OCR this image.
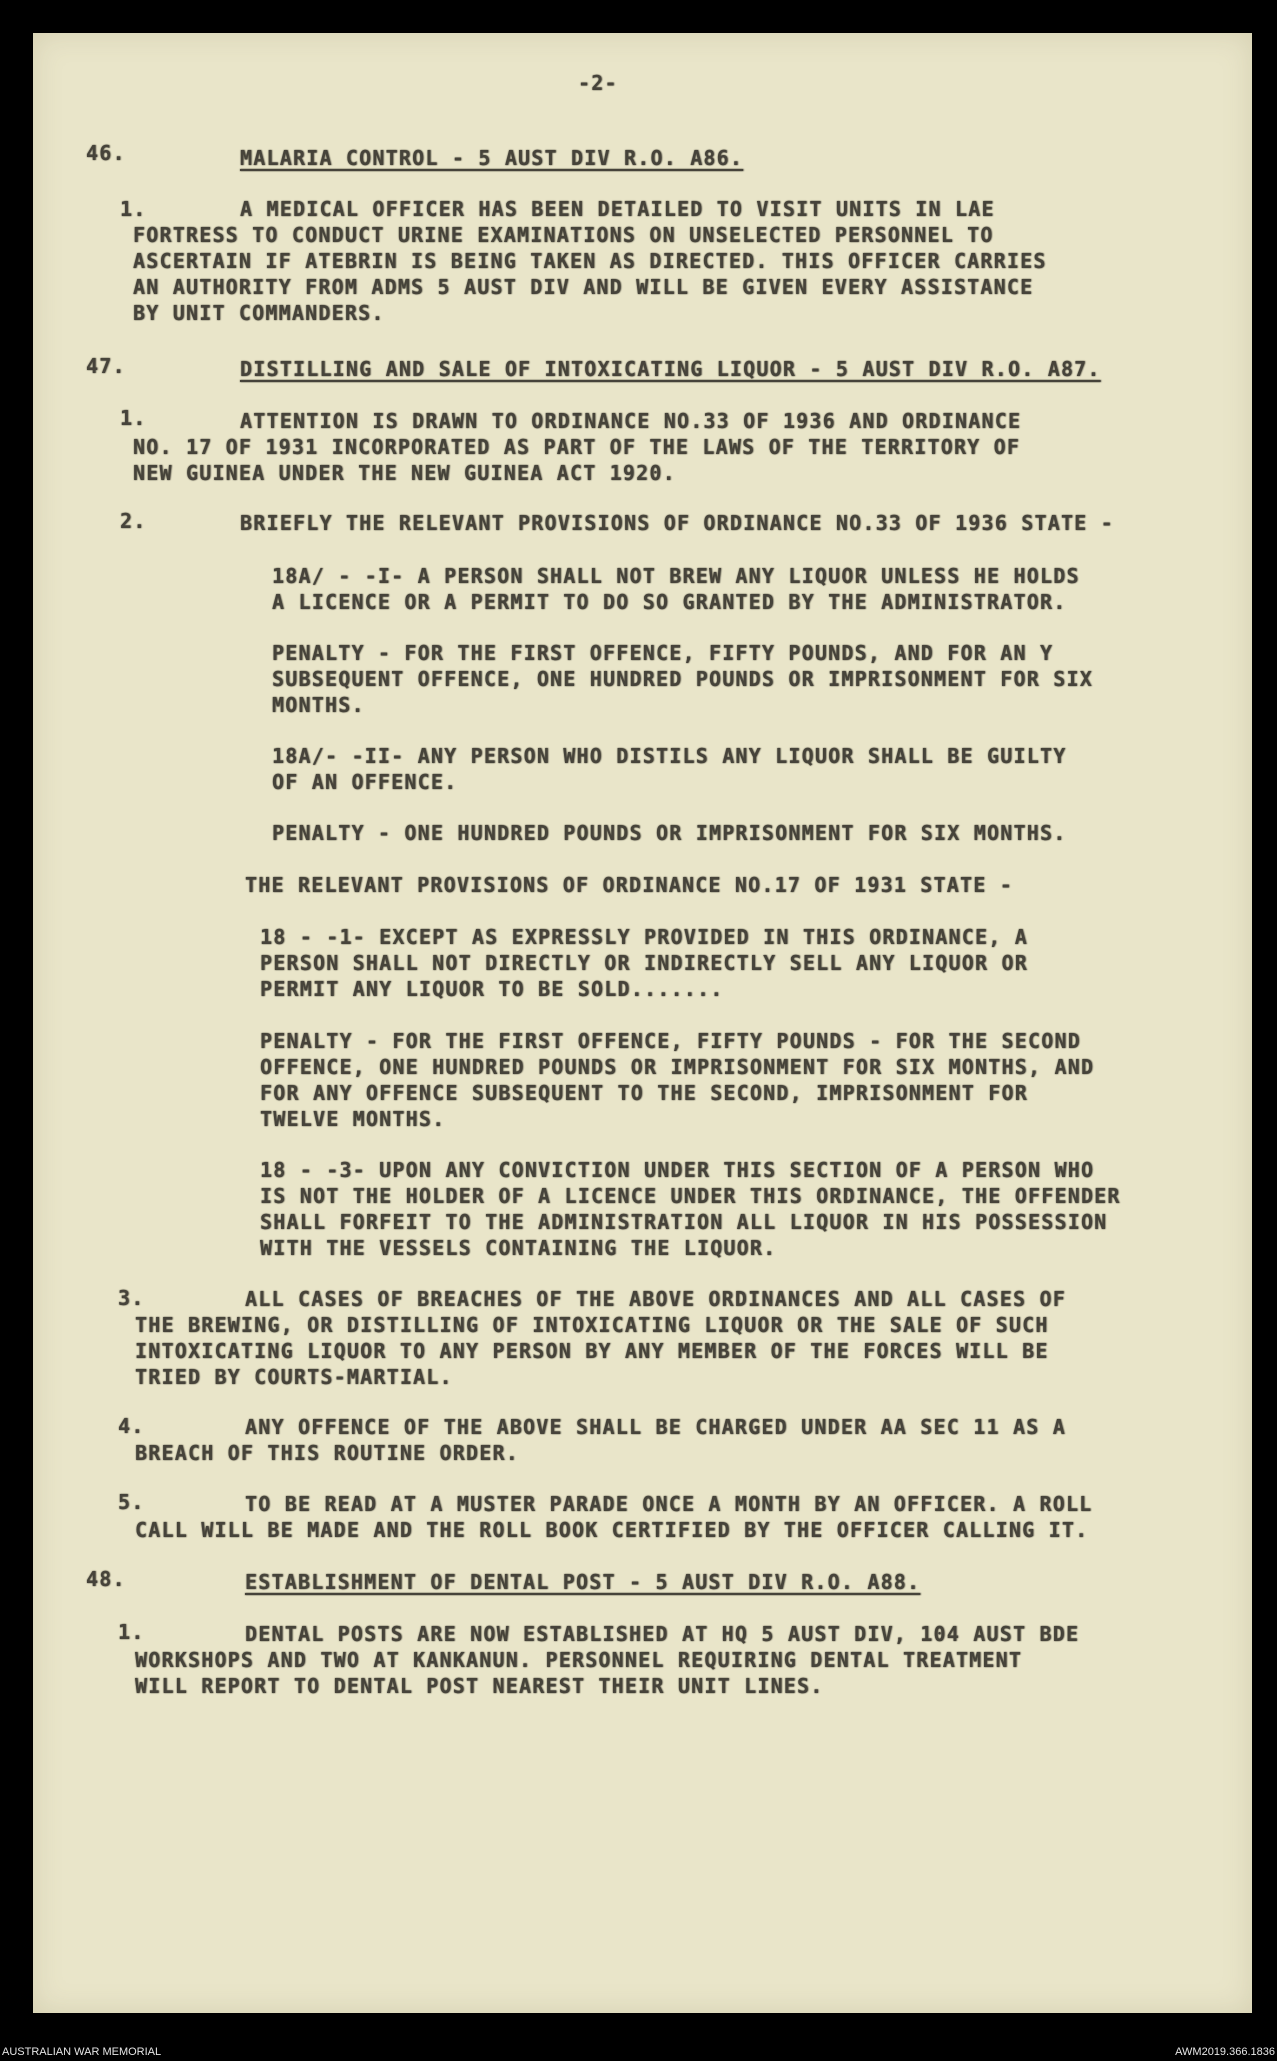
-2-
46.	MALARIA CONTROL - 5 AUST DIV R.O. A86.
1.	A MEDICAL OFFICER HAS BEEN DETAILED TO VISIT UNITS IN LAE
FORTRESS TO CONDUCT URINE EXAMINATIONS ON UNSELECTED PERSONNEL TO
ASCERTAIN IF ATEBRIN IS BEING TAKEN AS DIRECTED. THIS OFFICER CARRIES
AN AUTHORITY FROM ADMS 5 AUST DIV AND WILL BE GIVEN EVERY ASSISTANCE
BY UNIT COMMANDERS.
47.	DISTILLING AND SALE OF INTOXICATING LIQUOR - 5 AUST DIV R.O. A87.
1.	ATTENTION IS DRAWN TO ORDINANCE NO.33 OF 1936 AND ORDINANCE
NO. 17 OF 1931 INCORPORATED AS PART OF THE LAWS OF THE TERRITORY OF
NEW GUINEA UNDER THE NEW GUINEA ACT 1920.
2.	BRIEFLY THE RELEVANT PROVISIONS OF ORDINANCE NO.33 OF 1936 STATE -
18A/ - -I- A PERSON SHALL NOT BREW ANY LIQUOR UNLESS HE HOLDS
A LICENCE OR A PERMIT TO DO SO GRANTED BY THE ADMINISTRATOR.
PENALTY - FOR THE FIRST OFFENCE, FIFTY POUNDS, AND FOR AN Y
SUBSEQUENT OFFENCE, ONE HUNDRED POUNDS OR IMPRISONMENT FOR SIX
MONTHS.
18A/- -II- ANY PERSON WHO DISTILS ANY LIQUOR SHALL BE GUILTY
OF AN OFFENCE.
PENALTY - ONE HUNDRED POUNDS OR IMPRISONMENT FOR SIX MONTHS.
THE RELEVANT PROVISIONS OF ORDINANCE NO.17 OF 1931 STATE -
18 - -1- EXCEPT AS EXPRESSLY PROVIDED IN THIS ORDINANCE, A
PERSON SHALL NOT DIRECTLY OR INDIRECTLY SELL ANY LIQUOR OR
PERMIT ANY LIQUOR TO BE SOLD.......
PENALTY - FOR THE FIRST OFFENCE, FIFTY POUNDS - FOR THE SECOND
OFFENCE, ONE HUNDRED POUNDS OR IMPRISONMENT FOR SIX MONTHS, AND
FOR ANY OFFENCE SUBSEQUENT TO THE SECOND, IMPRISONMENT FOR
TWELVE MONTHS.
18 - -3- UPON ANY CONVICTION UNDER THIS SECTION OF A PERSON WHO
IS NOT THE HOLDER OF A LICENCE UNDER THIS ORDINANCE, THE OFFENDER
SHALL FORFEIT TO THE ADMINISTRATION ALL LIQUOR IN HIS POSSESSION
WITH THE VESSELS CONTAINING THE LIQUOR.
3.	ALL CASES OF BREACHES OF THE ABOVE ORDINANCES AND ALL CASES OF
THE BREWING, OR DISTILLING OF INTOXICATING LIQUOR OR THE SALE OF SUCH
INTOXICATING LIQUOR TO ANY PERSON BY ANY MEMBER OF THE FORCES WILL BE
TRIED BY COURTS-MARTIAL.
4.	ANY OFFENCE OF THE ABOVE SHALL BE CHARGED UNDER AA SEC 11 AS A
BREACH OF THIS ROUTINE ORDER.
5.	TO BE READ AT A MUSTER PARADE ONCE A MONTH BY AN OFFICER. A ROLL
CALL WILL BE MADE AND THE ROLL BOOK CERTIFIED BY THE OFFICER CALLING IT.
48.	ESTABLISHMENT OF DENTAL POST - 5 AUST DIV R.O. A88.
1.	DENTAL POSTS ARE NOW ESTABLISHED AT HQ 5 AUST DIV, 104 AUST BDE
WORKSHOPS AND TWO AT KANKANUN. PERSONNEL REQUIRING DENTAL TREATMENT
WILL REPORT TO DENTAL POST NEAREST THEIR UNIT LINES.
AUSTRALIAN WAR MEMORIAL	AWM2019.366.1836
